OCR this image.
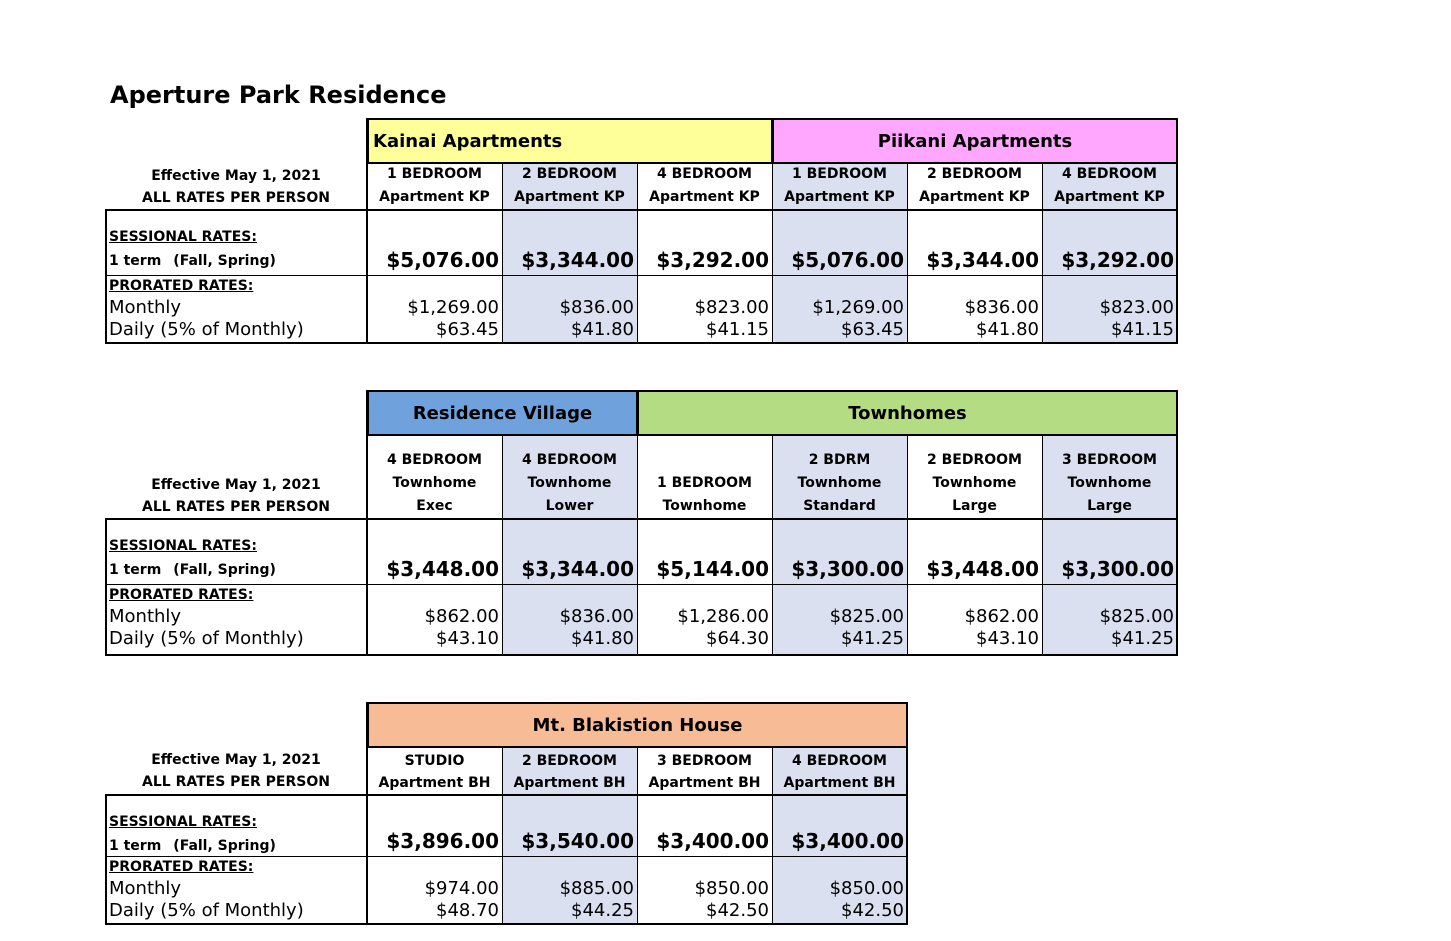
Aperture Park Residence
Kainai Apartments	Piikani Apartments
Effective May 1, 2021
ALL RATES PER PERSON
1 BEDROOM
Apartment KP
2 BEDROOM
Apartment KP
4 BEDROOM
Apartment KP
1 BEDROOM
Apartment KP
2 BEDROOM
Apartment KP
4 BEDROOM
Apartment KP
SESSIONAL RATES:
1 term (Fall, Spring)
PRORATED RATES:
Monthly
Daily (5% of Monthly)
$5,076.00
$1,269.00
$63.45
$3,344.00
$836.00
$41.80
$3,292.00
$823.00
$41.15
$5,076.00
$1,269.00
$63.45
$3,344.00
$836.00
$41.80
$3,292.00
$823.00
$41.15
Residence Village	Townhomes
Effective May 1, 2021
ALL RATES PER PERSON
4 BEDROOM
Townhome
Exec
4 BEDROOM
Townhome
Lower
1 BEDROOM
Townhome
2 BDRM
Townhome
Standard
2 BEDROOM
Townhome
Large
3 BEDROOM
Townhome
Large
SESSIONAL RATES:
1 term (Fall, Spring)
PRORATED RATES:
Monthly
Daily (5% of Monthly)
$3,448.00
$862.00
$43.10
$3,344.00
$836.00
$41.80
$5,144.00
$1,286.00
$64.30
$3,300.00
$825.00
$41.25
$3,448.00
$862.00
$43.10
$3,300.00
$825.00
$41.25
Mt. Blakistion House
Effective May 1, 2021
ALL RATES PER PERSON
STUDIO
Apartment BH
2 BEDROOM
Apartment BH
3 BEDROOM
Apartment BH
4 BEDROOM
Apartment BH
SESSIONAL RATES:
1 term (Fall, Spring)
PRORATED RATES:
Monthly
Daily (5% of Monthly)
$3,896.00
$974.00
$48.70
$3,540.00
$885.00
$44.25
$3,400.00
$850.00
$42.50
$3,400.00
$850.00
$42.50
